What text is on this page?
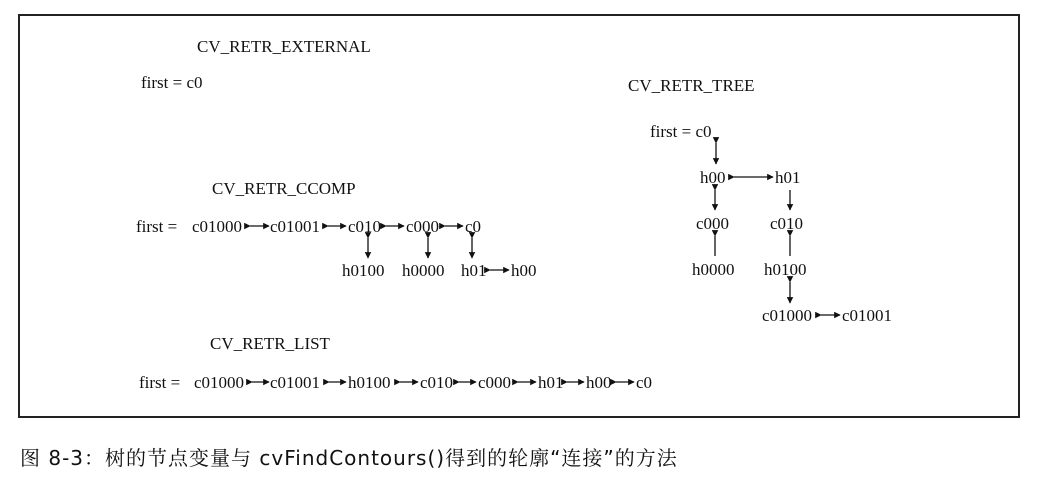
CV_RETR_EXTERNAL
first = c0
CV_RETR_CCOMP
first = c01000 c01001 c010 c000 c0
h0100 h0000 h01 h00
CV_RETR_LIST
first = c01000 c01001 h0100 c010 c000 h01 h00 c0
CV_RETR_TREE
first = c0
h00	h01
c000 c010
h0000 h0100
c01000 c01001
图 8-3：树的节点变量与 cvFindContours()得到的轮廓“连接”的方法
